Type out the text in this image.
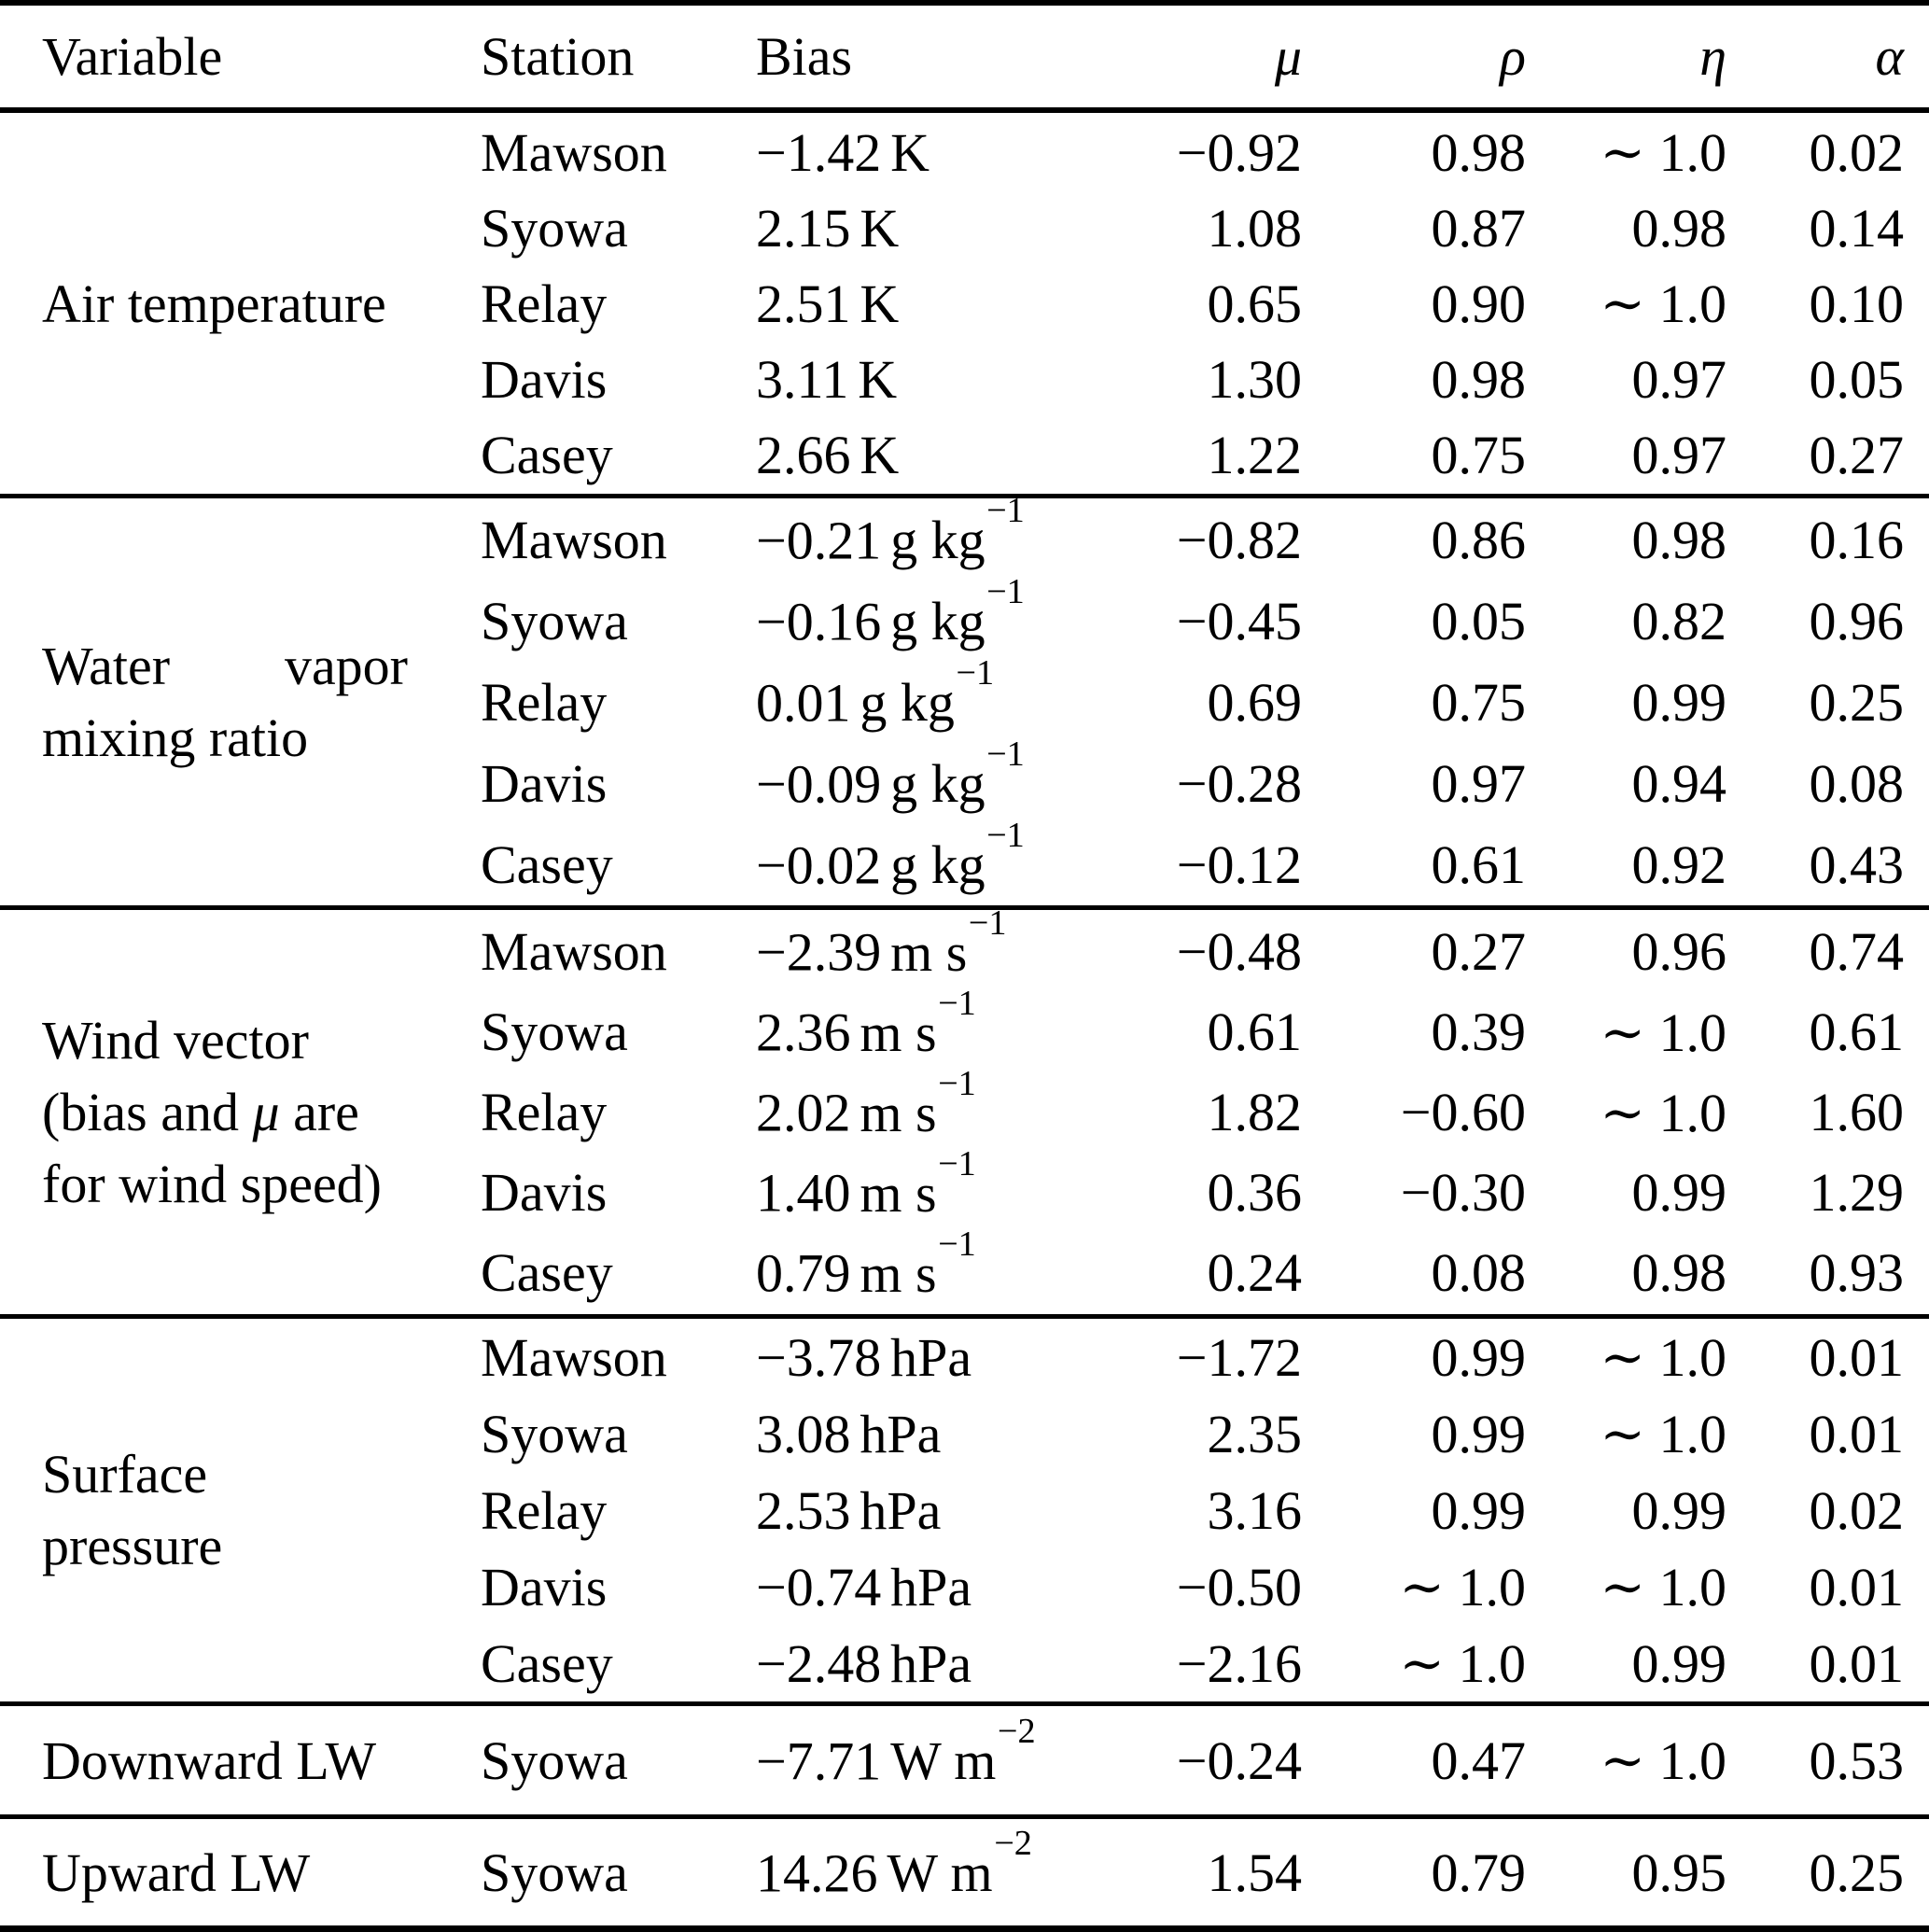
Variable	Station	Bias	μ	ρ	η	α
Air temperature
Mawson	−1.42 K	−0.92	0.98	∼ 1.0	0.02
Syowa	2.15 K	1.08	0.87	0.98	0.14
Relay	2.51 K	0.65	0.90	∼ 1.0	0.10
Davis	3.11 K	1.30	0.98	0.97	0.05
Casey	2.66 K	1.22	0.75	0.97	0.27
Water vapor
mixing ratio
Mawson	−0.21 g $kg^{-1}$	−0.82	0.86	0.98	0.16
Syowa	−0.16 g $kg^{-1}$	−0.45	0.05	0.82	0.96
Relay	0.01 g $kg^{-1}$	0.69	0.75	0.99	0.25
Davis	−0.09 g $kg^{-1}$	−0.28	0.97	0.94	0.08
Casey	−0.02 g $kg^{-1}$	−0.12	0.61	0.92	0.43
Wind vector
(bias and μ are
for wind speed)
Mawson	−2.39 m $s^{-1}$	−0.48	0.27	0.96	0.74
Syowa	2.36 m $s^{-1}$	0.61	0.39	∼ 1.0	0.61
Relay	2.02 m $s^{-1}$	1.82	−0.60	∼ 1.0	1.60
Davis	1.40 m $s^{-1}$	0.36	−0.30	0.99	1.29
Casey	0.79 m $s^{-1}$	0.24	0.08	0.98	0.93
Surface
pressure
Mawson	−3.78 hPa	−1.72	0.99	∼ 1.0	0.01
Syowa	3.08 hPa	2.35	0.99	∼ 1.0	0.01
Relay	2.53 hPa	3.16	0.99	0.99	0.02
Davis	−0.74 hPa	−0.50	∼ 1.0	∼ 1.0	0.01
Casey	−2.48 hPa	−2.16	∼ 1.0	0.99	0.01
Downward LW	Syowa	−7.71 W $m^{-2}$	−0.24	0.47	∼ 1.0	0.53
Upward LW	Syowa	14.26 W $m^{-2}$	1.54	0.79	0.95	0.25
